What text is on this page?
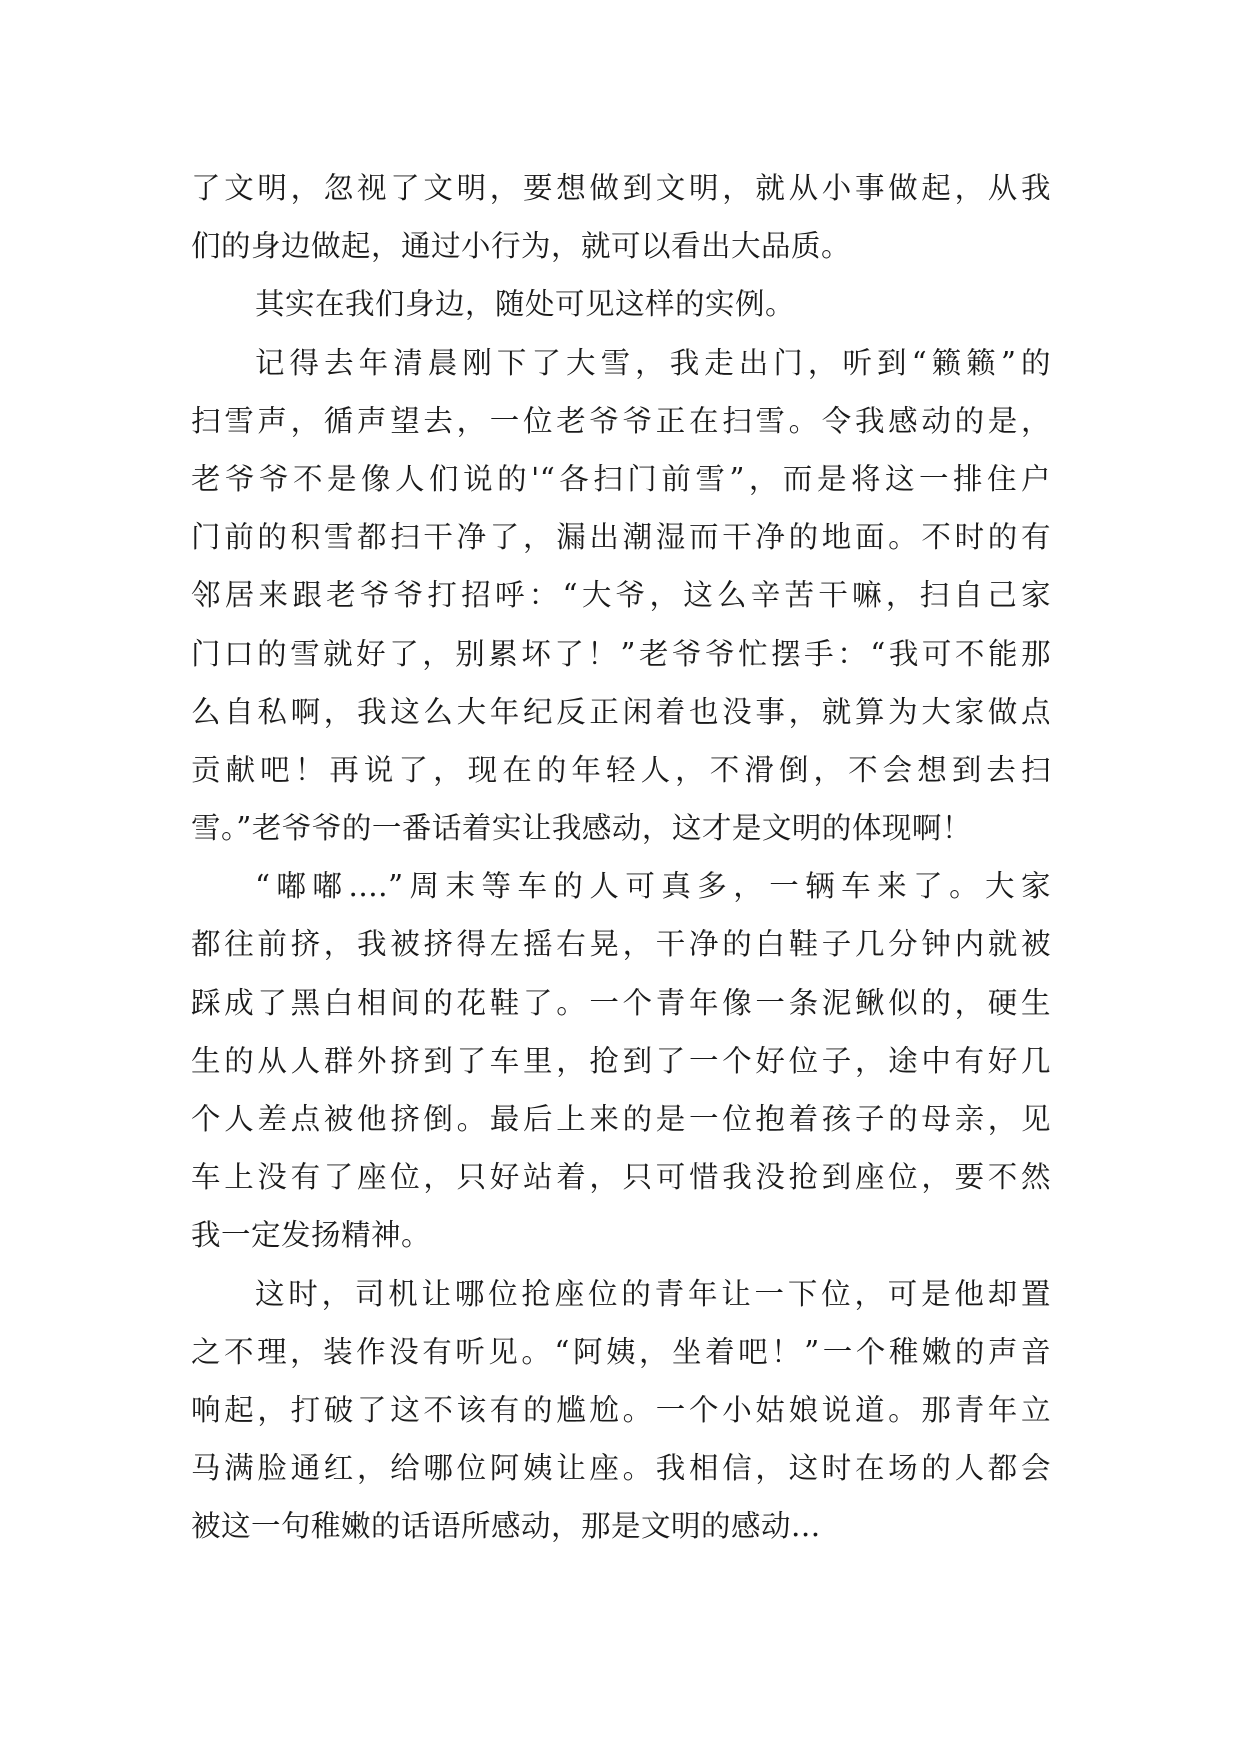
了文明，忽视了文明，要想做到文明，就从小事做起，从我
们的身边做起，通过小行为，就可以看出大品质。
其实在我们身边，随处可见这样的实例。
记得去年清晨刚下了大雪，我走出门，听到“籁籁”的
扫雪声，循声望去，一位老爷爷正在扫雪。令我感动的是，
老爷爷不是像人们说的'“各扫门前雪”，而是将这一排住户
门前的积雪都扫干净了，漏出潮湿而干净的地面。不时的有
邻居来跟老爷爷打招呼：“大爷，这么辛苦干嘛，扫自己家
门口的雪就好了，别累坏了！”老爷爷忙摆手：“我可不能那
么自私啊，我这么大年纪反正闲着也没事，就算为大家做点
贡献吧！再说了，现在的年轻人，不滑倒，不会想到去扫
雪。”老爷爷的一番话着实让我感动，这才是文明的体现啊！
“嘟嘟....”周末等车的人可真多，一辆车来了。大家
都往前挤，我被挤得左摇右晃，干净的白鞋子几分钟内就被
踩成了黑白相间的花鞋了。一个青年像一条泥鳅似的，硬生
生的从人群外挤到了车里，抢到了一个好位子，途中有好几
个人差点被他挤倒。最后上来的是一位抱着孩子的母亲，见
车上没有了座位，只好站着，只可惜我没抢到座位，要不然
我一定发扬精神。
这时，司机让哪位抢座位的青年让一下位，可是他却置
之不理，装作没有听见。“阿姨，坐着吧！”一个稚嫩的声音
响起，打破了这不该有的尴尬。一个小姑娘说道。那青年立
马满脸通红，给哪位阿姨让座。我相信，这时在场的人都会
被这一句稚嫩的话语所感动，那是文明的感动...
